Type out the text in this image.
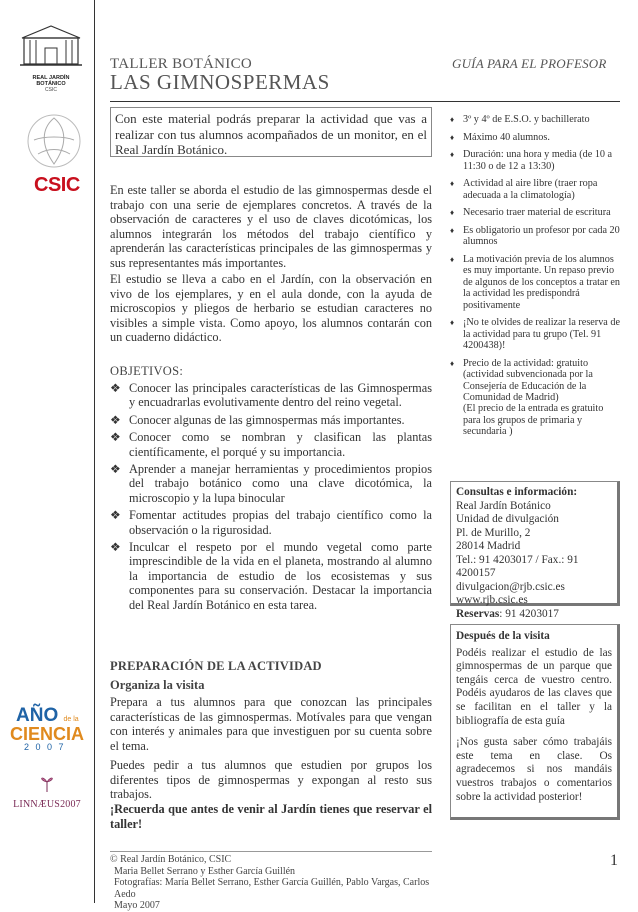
REAL JARDÍN BOTÁNICO
CSIC
CSIC
AÑO de la
CIENCIA
2 0 0 7
LINNÆUS2007
TALLER BOTÁNICO
LAS GIMNOSPERMAS
GUÍA PARA EL PROFESOR
Con este material podrás preparar la actividad que vas a realizar con tus alumnos acompañados de un monitor, en el Real Jardín Botánico.
En este taller se aborda el estudio de las gimnospermas desde el trabajo con una serie de ejemplares concretos. A través de la observación de caracteres y el uso de claves dicotómicas, los alumnos integrarán los métodos del trabajo científico y aprenderán las características principales de las gimnospermas y sus representantes más importantes.
El estudio se lleva a cabo en el Jardín, con la observación en vivo de los ejemplares, y en el aula donde, con la ayuda de microscopios y pliegos de herbario se estudian caracteres no visibles a simple vista. Como apoyo, los alumnos contarán con un cuaderno didáctico.
OBJETIVOS:
❖ Conocer las principales características de las Gimnospermas y encuadrarlas evolutivamente dentro del reino vegetal.
❖ Conocer algunas de las gimnospermas más importantes.
❖ Conocer como se nombran y clasifican las plantas científicamente, el porqué y su importancia.
❖ Aprender a manejar herramientas y procedimientos propios del trabajo botánico como una clave dicotómica, la microscopio y la lupa binocular
❖ Fomentar actitudes propias del trabajo científico como la observación o la rigurosidad.
❖ Inculcar el respeto por el mundo vegetal como parte imprescindible de la vida en el planeta, mostrando al alumno la importancia de estudio de los ecosistemas y sus componentes para su conservación. Destacar la importancia del Real Jardín Botánico en esta tarea.
PREPARACIÓN DE LA ACTIVIDAD
Organiza la visita
Prepara a tus alumnos para que conozcan las principales características de las gimnospermas. Motívales para que vengan con interés y animales para que investiguen por su cuenta sobre el tema.
Puedes pedir a tus alumnos que estudien por grupos los diferentes tipos de gimnospermas y expongan al resto sus trabajos.
¡Recuerda que antes de venir al Jardín tienes que reservar el taller!
© Real Jardín Botánico, CSIC
Maria Bellet Serrano y Esther García Guillén
Fotografías: María Bellet Serrano, Esther García Guillén, Pablo Vargas, Carlos Aedo
Mayo 2007
1
♦ 3º y 4º de E.S.O. y bachillerato
♦ Máximo 40 alumnos.
♦ Duración: una hora y media (de 10 a 11:30 o de 12 a 13:30)
♦ Actividad al aire libre (traer ropa adecuada a la climatología)
♦ Necesario traer material de escritura
♦ Es obligatorio un profesor por cada 20 alumnos
♦ La motivación previa de los alumnos es muy importante. Un repaso previo de algunos de los conceptos a tratar en la actividad les predispondrá positivamente
♦ ¡No te olvides de realizar la reserva de la actividad para tu grupo (Tel. 91 4200438)!
♦ Precio de la actividad: gratuito (actividad subvencionada por la Consejería de Educación de la Comunidad de Madrid)
(El precio de la entrada es gratuito para los grupos de primaria y secundaria )
Consultas e información:
Real Jardín Botánico
Unidad de divulgación
Pl. de Murillo, 2
28014 Madrid
Tel.: 91 4203017 / Fax.: 91 4200157
divulgacion@rjb.csic.es
www.rjb.csic.es
Reservas: 91 4203017
Después de la visita

Podéis realizar el estudio de las gimnospermas de un parque que tengáis cerca de vuestro centro. Podéis ayudaros de las claves que se facilitan en el taller y la bibliografía de esta guía

¡Nos gusta saber cómo trabajáis este tema en clase. Os agradecemos si nos mandáis vuestros trabajos o comentarios sobre la actividad posterior!
